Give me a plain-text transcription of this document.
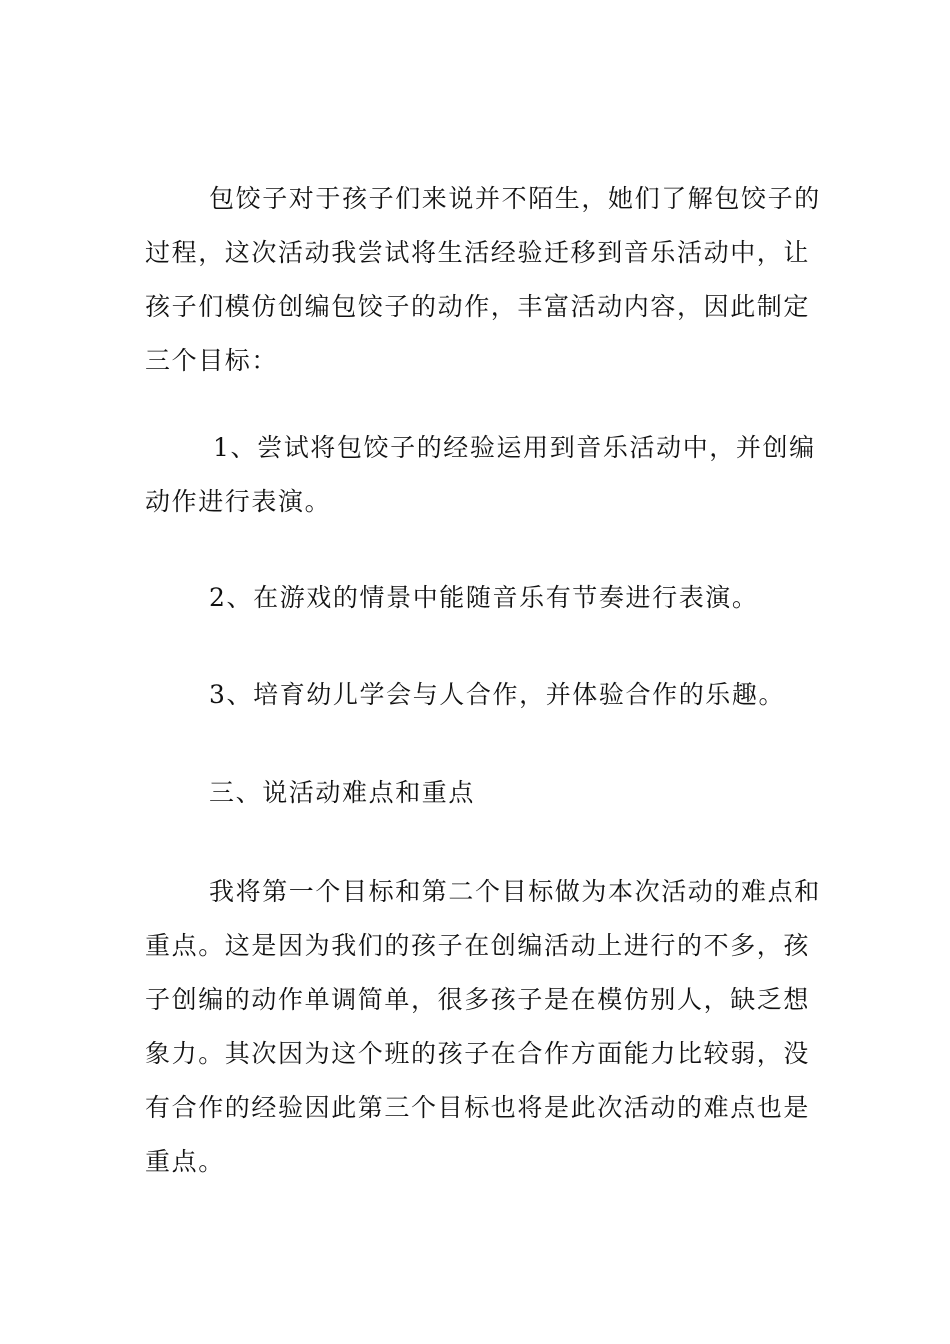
包饺子对于孩子们来说并不陌生，她们了解包饺子的
过程，这次活动我尝试将生活经验迁移到音乐活动中，让
孩子们模仿创编包饺子的动作，丰富活动内容，因此制定
三个目标：
1、尝试将包饺子的经验运用到音乐活动中，并创编
动作进行表演。
2、在游戏的情景中能随音乐有节奏进行表演。
3、培育幼儿学会与人合作，并体验合作的乐趣。
三、说活动难点和重点
我将第一个目标和第二个目标做为本次活动的难点和
重点。这是因为我们的孩子在创编活动上进行的不多，孩
子创编的动作单调简单，很多孩子是在模仿别人，缺乏想
象力。其次因为这个班的孩子在合作方面能力比较弱，没
有合作的经验因此第三个目标也将是此次活动的难点也是
重点。
